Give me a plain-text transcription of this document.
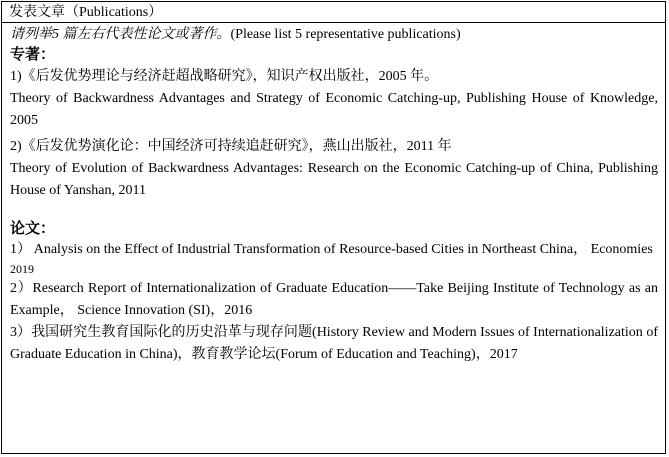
发表文章（Publications）
请列举5 篇左右代表性论文或著作。(Please list 5 representative publications)
专著：
1)《后发优势理论与经济赶超战略研究》，知识产权出版社，2005 年。
Theory of Backwardness Advantages and Strategy of Economic Catching-up, Publishing House of Knowledge, 2005
2)《后发优势演化论：中国经济可持续追赶研究》，燕山出版社，2011 年
Theory of Evolution of Backwardness Advantages: Research on the Economic Catching-up of China, Publishing House of Yanshan, 2011
论文：
1） Analysis on the Effect of Industrial Transformation of Resource-based Cities in Northeast China， Economies
2019
2）Research Report of Internationalization of Graduate Education——Take Beijing Institute of Technology as an Example， Science Innovation (SI)，2016
3）我国研究生教育国际化的历史沿革与现存问题(History Review and Modern Issues of Internationalization of Graduate Education in China)，教育教学论坛(Forum of Education and Teaching)，2017
